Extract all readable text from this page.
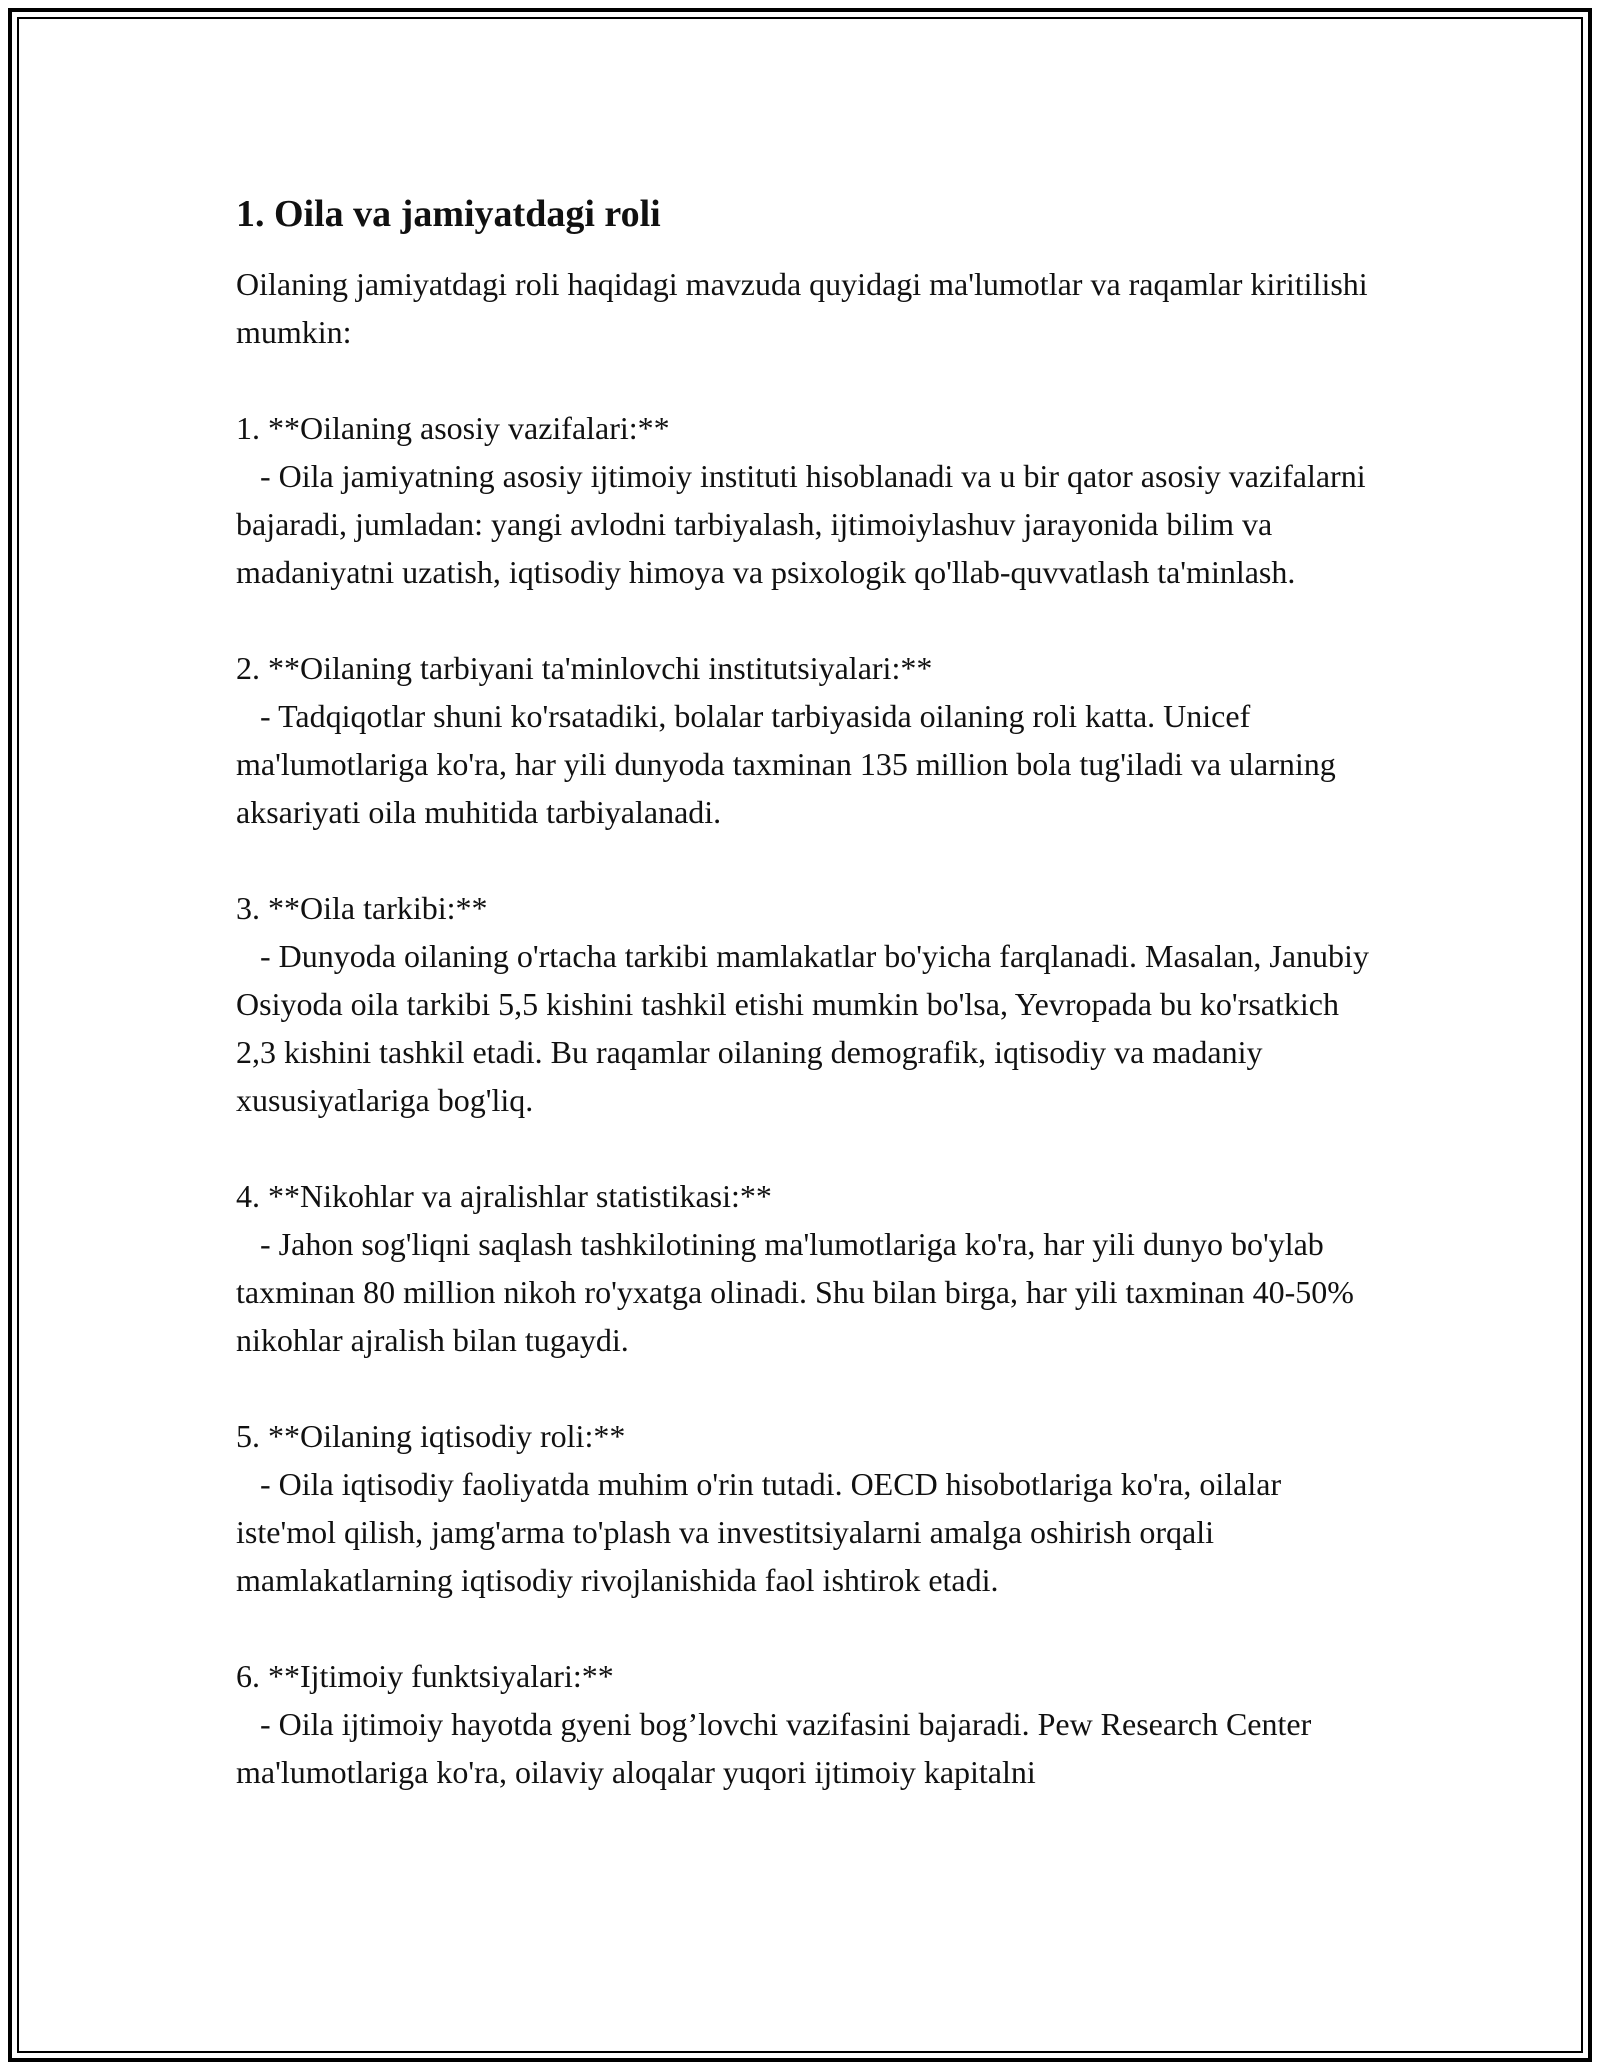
1. Oila va jamiyatdagi roli

Oilaning jamiyatdagi roli haqidagi mavzuda quyidagi ma'lumotlar va raqamlar kiritilishi mumkin:

1. **Oilaning asosiy vazifalari:**

- Oila jamiyatning asosiy ijtimoiy instituti hisoblanadi va u bir qator asosiy vazifalarni bajaradi, jumladan: yangi avlodni tarbiyalash, ijtimoiylashuv jarayonida bilim va madaniyatni uzatish, iqtisodiy himoya va psixologik qo'llab-quvvatlash ta'minlash.

2. **Oilaning tarbiyani ta'minlovchi institutsiyalari:**

- Tadqiqotlar shuni ko'rsatadiki, bolalar tarbiyasida oilaning roli katta. Unicef ma'lumotlariga ko'ra, har yili dunyoda taxminan 135 million bola tug'iladi va ularning aksariyati oila muhitida tarbiyalanadi.

3. **Oila tarkibi:**

- Dunyoda oilaning o'rtacha tarkibi mamlakatlar bo'yicha farqlanadi. Masalan, Janubiy Osiyoda oila tarkibi 5,5 kishini tashkil etishi mumkin bo'lsa, Yevropada bu ko'rsatkich 2,3 kishini tashkil etadi. Bu raqamlar oilaning demografik, iqtisodiy va madaniy xususiyatlariga bog'liq.

4. **Nikohlar va ajralishlar statistikasi:**

- Jahon sog'liqni saqlash tashkilotining ma'lumotlariga ko'ra, har yili dunyo bo'ylab taxminan 80 million nikoh ro'yxatga olinadi. Shu bilan birga, har yili taxminan 40-50% nikohlar ajralish bilan tugaydi.

5. **Oilaning iqtisodiy roli:**

- Oila iqtisodiy faoliyatda muhim o'rin tutadi. OECD hisobotlariga ko'ra, oilalar iste'mol qilish, jamg'arma to'plash va investitsiyalarni amalga oshirish orqali mamlakatlarning iqtisodiy rivojlanishida faol ishtirok etadi.

6. **Ijtimoiy funktsiyalari:**

- Oila ijtimoiy hayotda gyeni bog’lovchi vazifasini bajaradi. Pew Research Center ma'lumotlariga ko'ra, oilaviy aloqalar yuqori ijtimoiy kapitalni
